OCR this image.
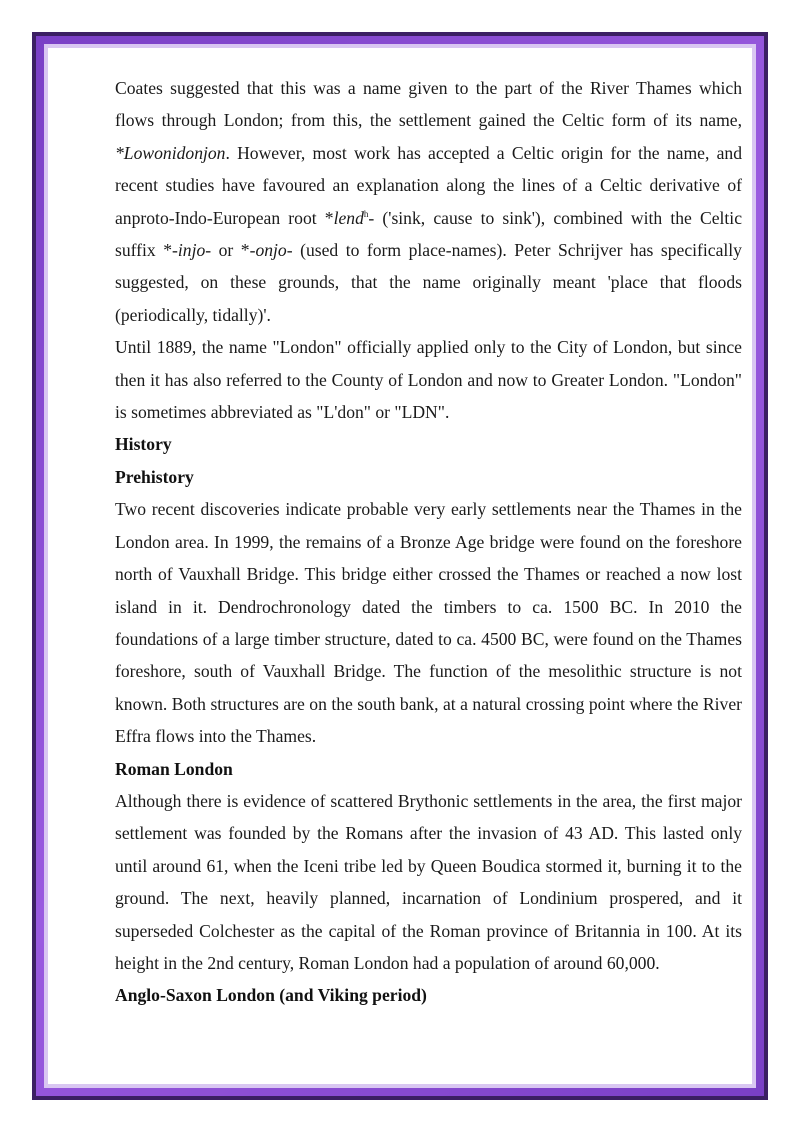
Coates suggested that this was a name given to the part of the River Thames which flows through London; from this, the settlement gained the Celtic form of its name, *Lowonidonjon. However, most work has accepted a Celtic origin for the name, and recent studies have favoured an explanation along the lines of a Celtic derivative of anproto-Indo-European root *lend$^h$- ('sink, cause to sink'), combined with the Celtic suffix *-injo- or *-onjo- (used to form place-names). Peter Schrijver has specifically suggested, on these grounds, that the name originally meant 'place that floods (periodically, tidally)'.

Until 1889, the name "London" officially applied only to the City of London, but since then it has also referred to the County of London and now to Greater London. "London" is sometimes abbreviated as "L'don" or "LDN".

History
Prehistory

Two recent discoveries indicate probable very early settlements near the Thames in the London area. In 1999, the remains of a Bronze Age bridge were found on the foreshore north of Vauxhall Bridge. This bridge either crossed the Thames or reached a now lost island in it. Dendrochronology dated the timbers to ca. 1500 BC. In 2010 the foundations of a large timber structure, dated to ca. 4500 BC, were found on the Thames foreshore, south of Vauxhall Bridge. The function of the mesolithic structure is not known. Both structures are on the south bank, at a natural crossing point where the River Effra flows into the Thames.

Roman London

Although there is evidence of scattered Brythonic settlements in the area, the first major settlement was founded by the Romans after the invasion of 43 AD. This lasted only until around 61, when the Iceni tribe led by Queen Boudica stormed it, burning it to the ground. The next, heavily planned, incarnation of Londinium prospered, and it superseded Colchester as the capital of the Roman province of Britannia in 100. At its height in the 2nd century, Roman London had a population of around 60,000.

Anglo-Saxon London (and Viking period)
